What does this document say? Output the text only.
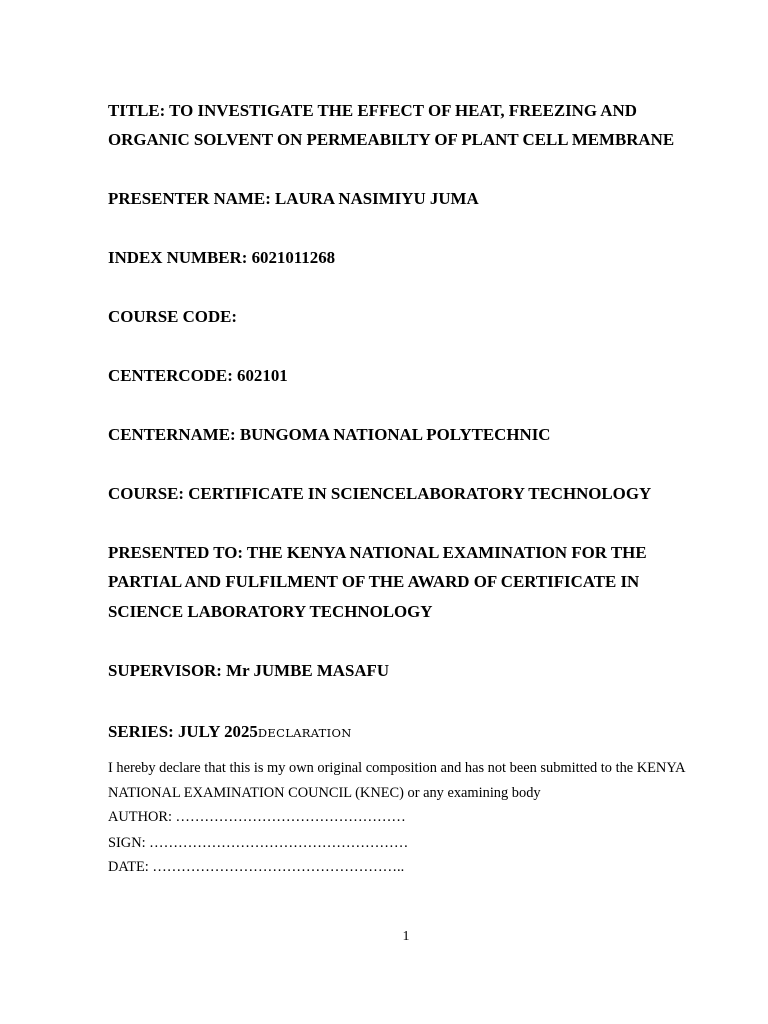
TITLE: TO INVESTIGATE THE EFFECT OF HEAT, FREEZING AND
ORGANIC SOLVENT ON PERMEABILTY OF PLANT CELL MEMBRANE
PRESENTER NAME: LAURA NASIMIYU JUMA
INDEX NUMBER: 6021011268
COURSE CODE:
CENTERCODE: 602101
CENTERNAME: BUNGOMA NATIONAL POLYTECHNIC
COURSE: CERTIFICATE IN SCIENCELABORATORY TECHNOLOGY
PRESENTED TO: THE KENYA NATIONAL EXAMINATION FOR THE
PARTIAL AND FULFILMENT OF THE AWARD OF CERTIFICATE IN
SCIENCE LABORATORY TECHNOLOGY
SUPERVISOR: Mr JUMBE MASAFU
SERIES: JULY 2025DECLARATION
I hereby declare that this is my own original composition and has not been submitted to the KENYA
NATIONAL EXAMINATION COUNCIL (KNEC) or any examining body
AUTHOR: …………………………………………
SIGN: ………………………………………………
DATE: ……………………………………………..
1
